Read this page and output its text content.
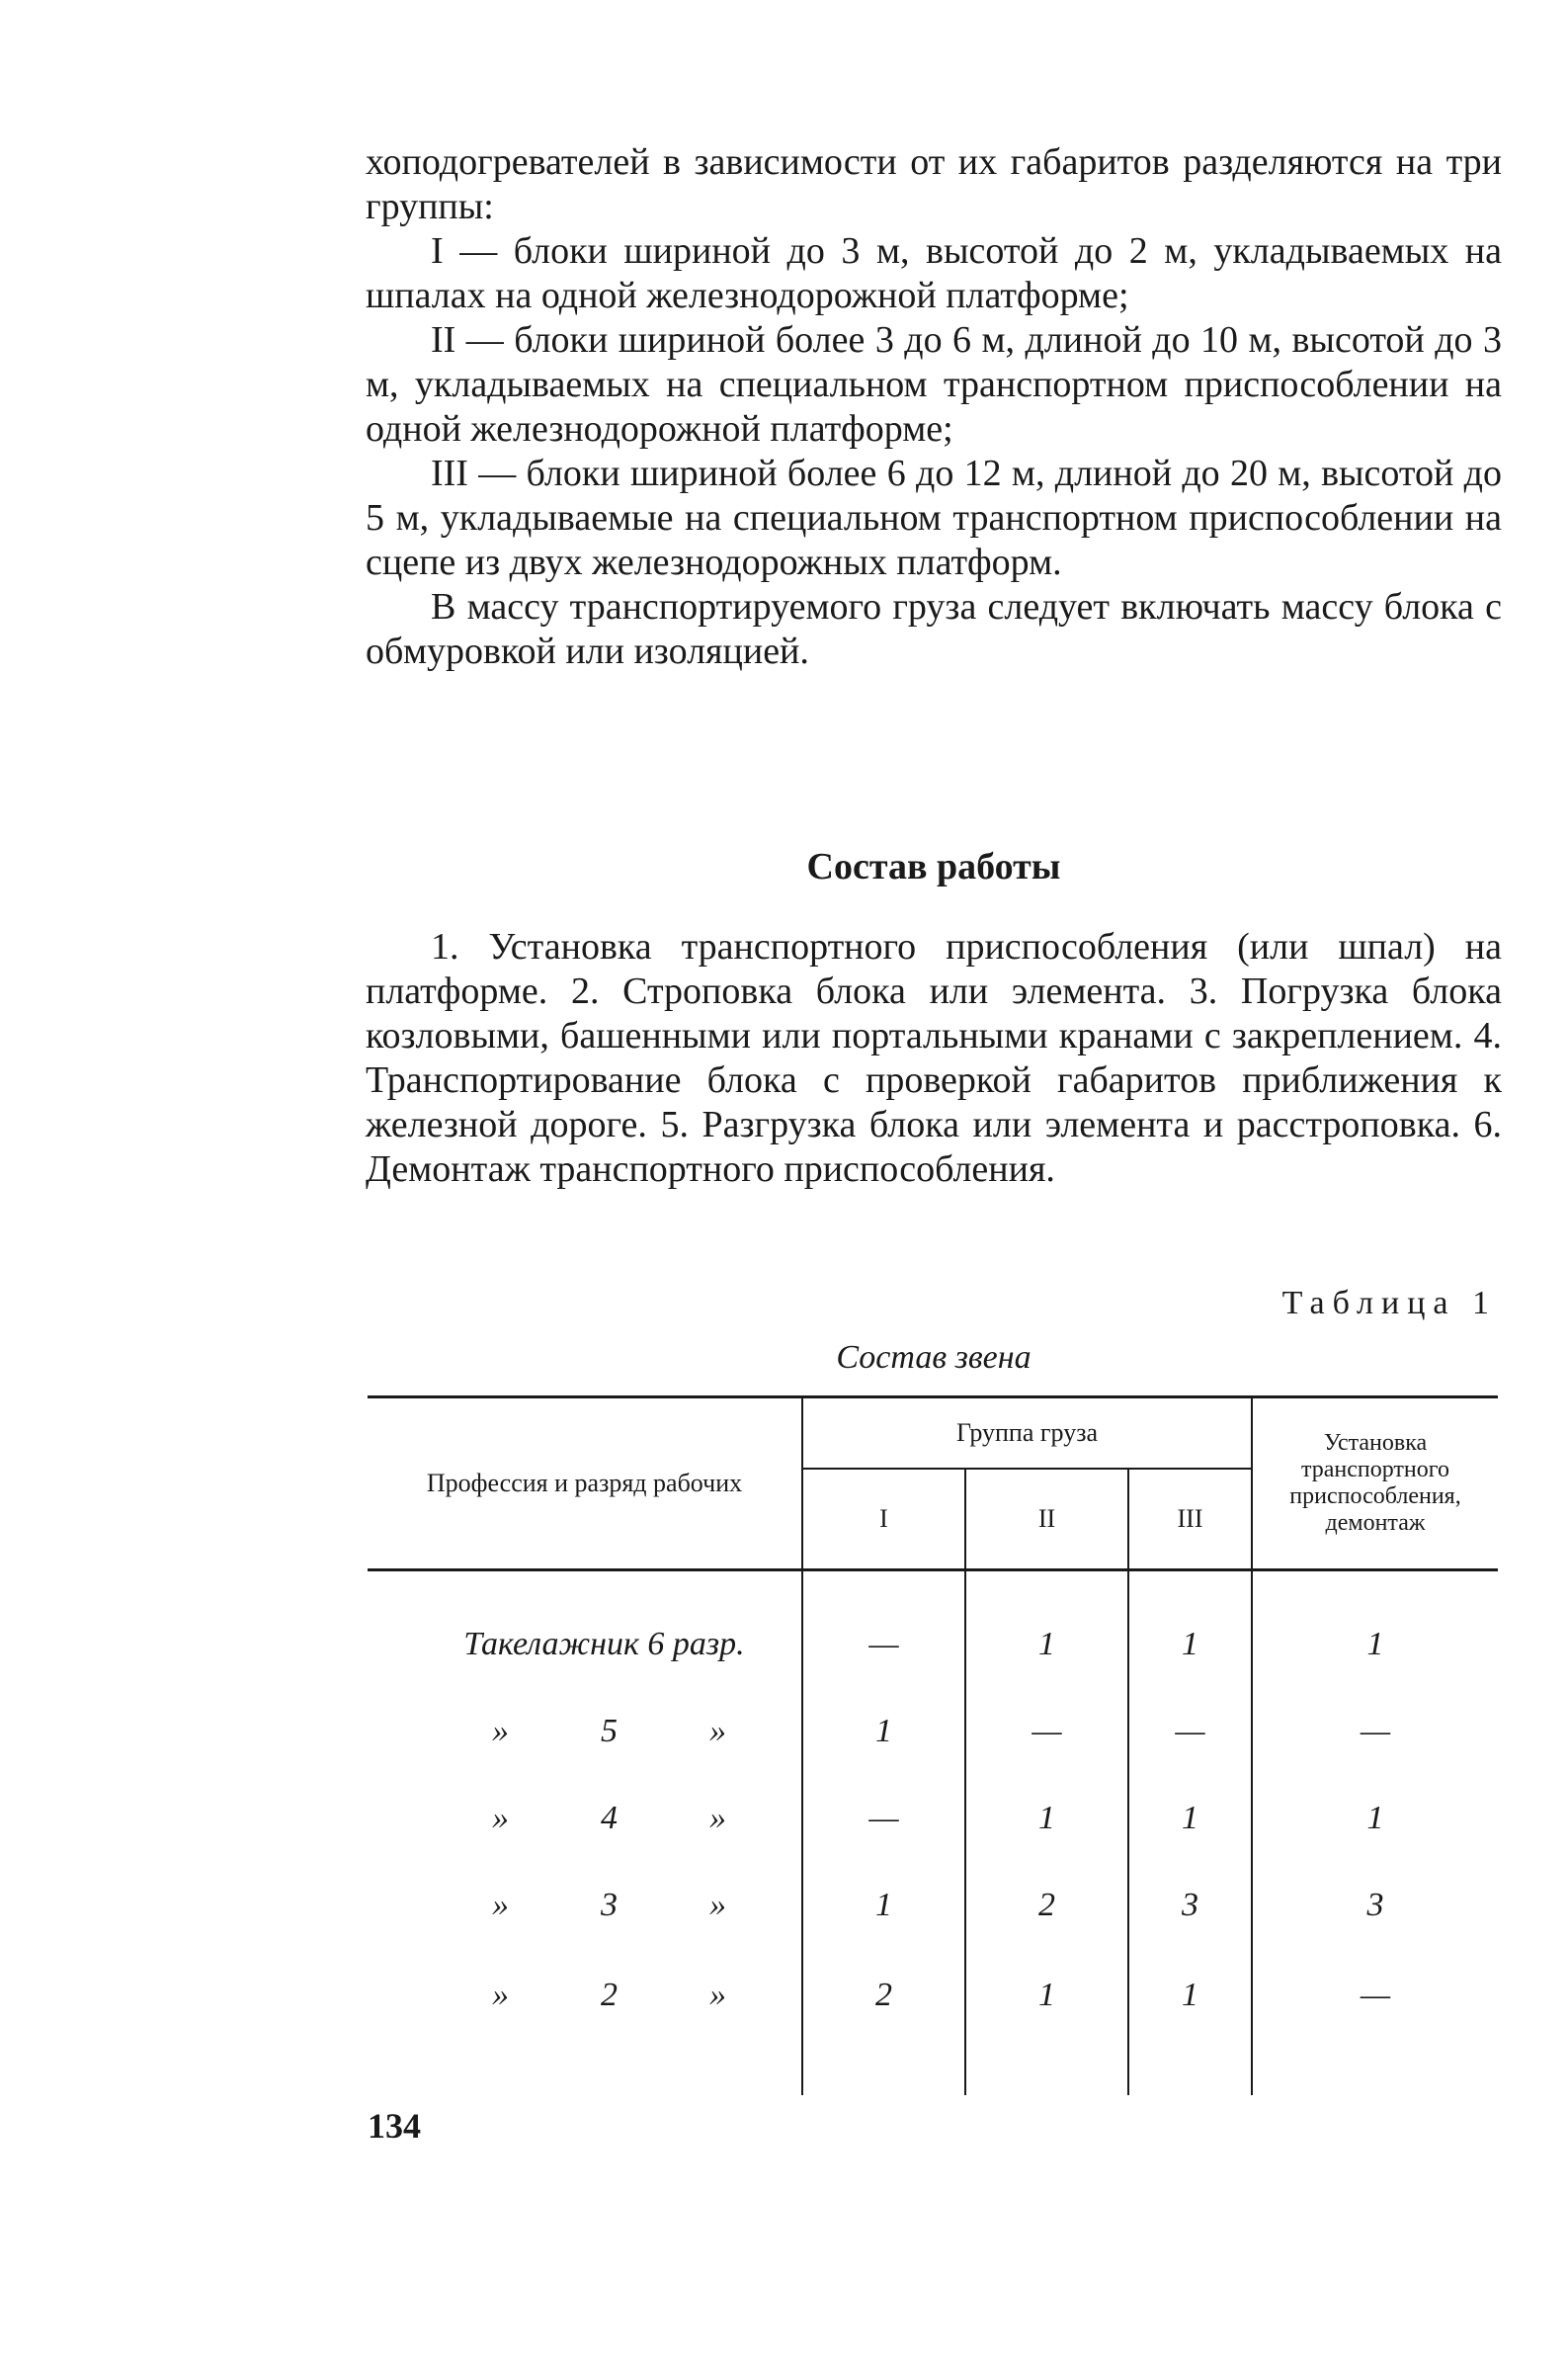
хоподогревателей в зависимости от их габаритов разделяются на три группы:

I — блоки шириной до 3 м, высотой до 2 м, укладываемых на шпалах на одной железнодорожной платформе;

II — блоки шириной более 3 до 6 м, длиной до 10 м, высотой до 3 м, укладываемых на специальном транспортном приспособлении на одной железнодорожной платформе;

III — блоки шириной более 6 до 12 м, длиной до 20 м, высотой до 5 м, укладываемые на специальном транспортном приспособлении на сцепе из двух железнодорожных платформ.

В массу транспортируемого груза следует включать массу блока с обмуровкой или изоляцией.

Состав работы

1. Установка транспортного приспособления (или шпал) на платформе. 2. Строповка блока или элемента. 3. Погрузка блока козловыми, башенными или портальными кранами с закреплением. 4. Транспортирование блока с проверкой габаритов приближения к железной дороге. 5. Разгрузка блока или элемента и расстроповка. 6. Демонтаж транспортного приспособления.

Таблица 1
Состав звена
Профессия и разряд рабочих	Группа груза			Установка транспортного приспособления, демонтаж
	I	II	III	
Такелажник 6 разр.	—	1	1	1
» 5 »	1	—	—	—
» 4 »	—	1	1	1
» 3 »	1	2	3	3
» 2 »	2	1	1	—
134
